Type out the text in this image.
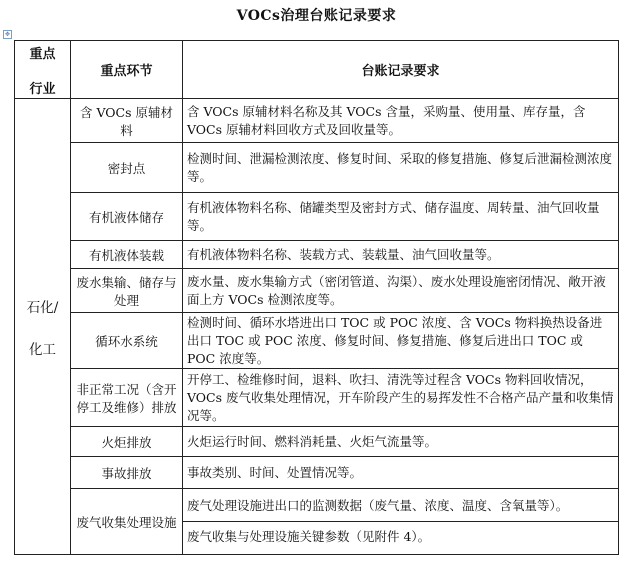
VOCs治理台账记录要求
✥
重点
行业	重点环节	台账记录要求

石化/
化工	含 VOCs 原辅材料	含 VOCs 原辅材料名称及其 VOCs 含量，采购量、使用量、库存量，含 VOCs 原辅材料回收方式及回收量等。
	密封点	检测时间、泄漏检测浓度、修复时间、采取的修复措施、修复后泄漏检测浓度等。
	有机液体储存	有机液体物料名称、储罐类型及密封方式、储存温度、周转量、油气回收量等。
	有机液体装载	有机液体物料名称、装载方式、装载量、油气回收量等。
	废水集输、储存与处理	废水量、废水集输方式（密闭管道、沟渠）、废水处理设施密闭情况、敞开液面上方 VOCs 检测浓度等。
	循环水系统	检测时间、循环水塔进出口 TOC 或 POC 浓度、含 VOCs 物料换热设备进出口 TOC 或 POC 浓度、修复时间、修复措施、修复后进出口 TOC 或 POC 浓度等。
	非正常工况（含开停工及维修）排放	开停工、检维修时间，退料、吹扫、清洗等过程含 VOCs 物料回收情况，VOCs 废气收集处理情况，开车阶段产生的易挥发性不合格产品产量和收集情况等。
	火炬排放	火炬运行时间、燃料消耗量、火炬气流量等。
	事故排放	事故类别、时间、处置情况等。
	废气收集处理设施	废气处理设施进出口的监测数据（废气量、浓度、温度、含氧量等）。
废气收集与处理设施关键参数（见附件 4）。
